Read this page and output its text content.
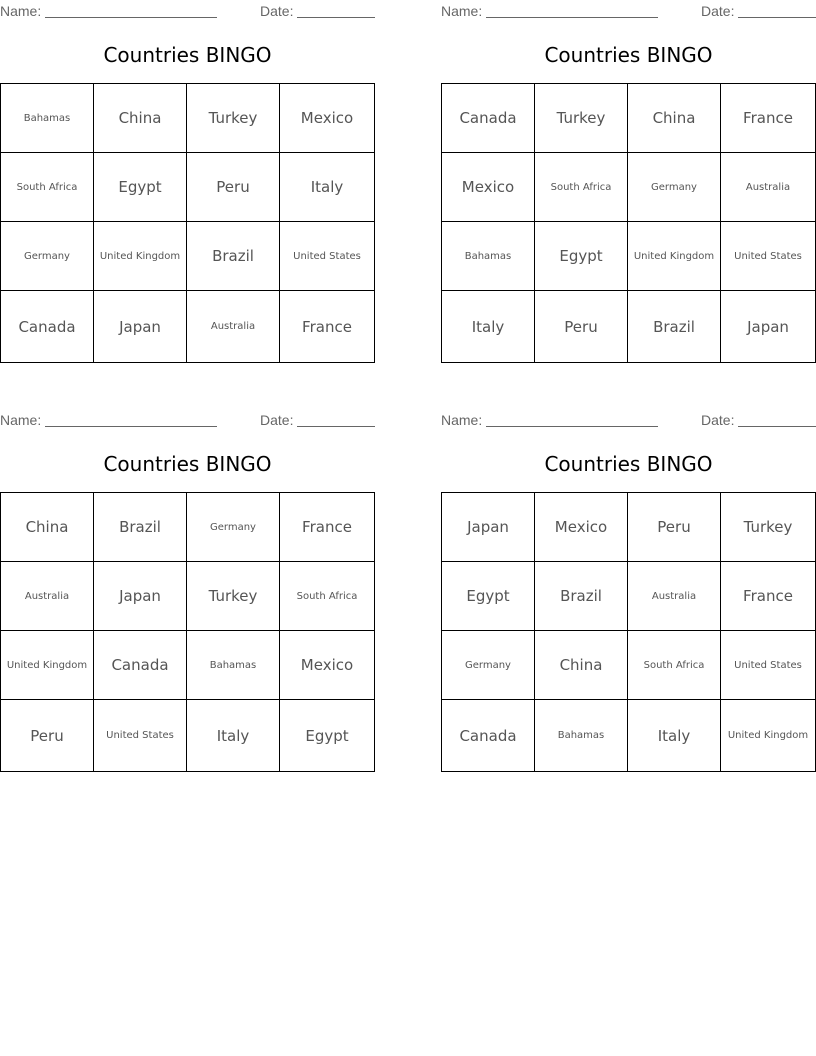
Name:	Date:
Countries BINGO
Bahamas	China	Turkey	Mexico
South Africa	Egypt	Peru	Italy
Germany	United Kingdom	Brazil	United States
Canada	Japan	Australia	France
Name:	Date:
Countries BINGO
Canada	Turkey	China	France
Mexico	South Africa	Germany	Australia
Bahamas	Egypt	United Kingdom	United States
Italy	Peru	Brazil	Japan
Name:	Date:
Countries BINGO
China	Brazil	Germany	France
Australia	Japan	Turkey	South Africa
United Kingdom	Canada	Bahamas	Mexico
Peru	United States	Italy	Egypt
Name:	Date:
Countries BINGO
Japan	Mexico	Peru	Turkey
Egypt	Brazil	Australia	France
Germany	China	South Africa	United States
Canada	Bahamas	Italy	United Kingdom
